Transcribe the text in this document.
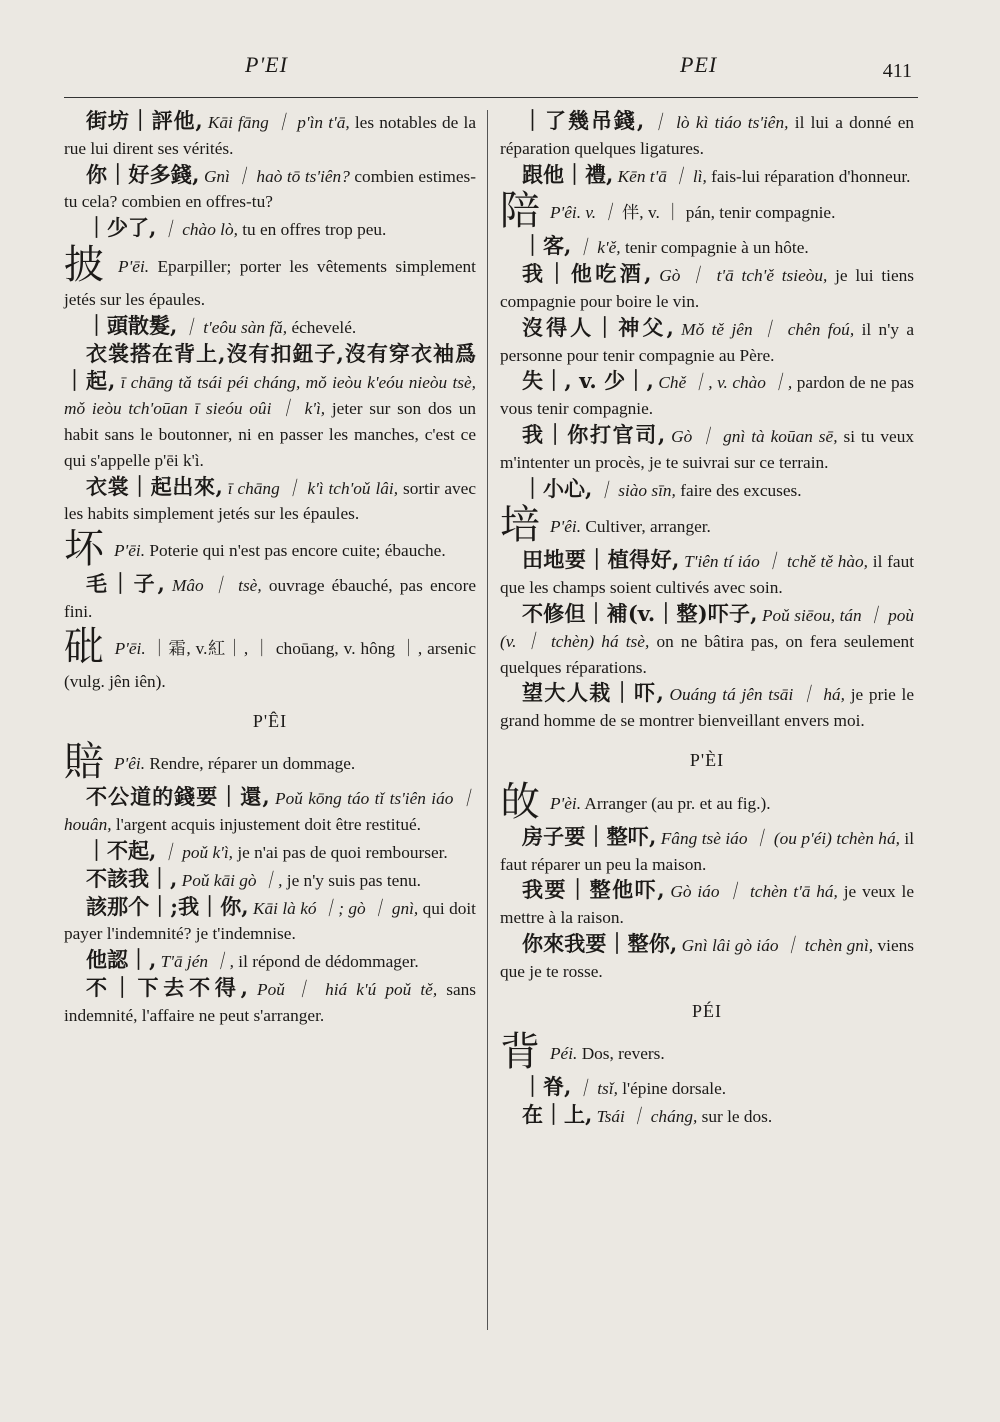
P'EI	PEI	411
街坊｜評他, Kāi fāng ｜ p'ìn t'ā, les notables de la rue lui dirent ses vérités.
你｜好多錢, Gnì ｜ haò tō ts'iên? combien estimes-tu cela? combien en offres-tu?
｜少了, ｜ chào lò, tu en offres trop peu.
披 P'ēi. Eparpiller; porter les vêtements simplement jetés sur les épaules.
｜頭散髮, ｜ t'eôu sàn fǎ, échevelé.
衣裳搭在背上,沒有扣鈕子,沒有穿衣袖爲｜起, ī chāng tǎ tsái péi cháng, mǒ ieòu k'eóu nieòu tsè, mǒ ieòu tch'oūan ī sieóu oûi ｜ k'ì, jeter sur son dos un habit sans le boutonner, ni en passer les manches, c'est ce qui s'appelle p'ēi k'ì.
衣裳｜起出來, ī chāng ｜ k'ì tch'oǔ lâi, sortir avec les habits simplement jetés sur les épaules.
坏 P'ēi. Poterie qui n'est pas encore cuite; ébauche.
毛｜子, Mâo ｜ tsè, ouvrage ébauché, pas encore fini.
砒 P'ēi. ｜霜, v.紅｜, ｜ choūang, v. hông ｜, arsenic (vulg. jên iên).
P'ÊI
賠 P'êi. Rendre, réparer un dommage.
不公道的錢要｜還, Poǔ kōng táo tǐ ts'iên iáo ｜ houân, l'argent acquis injustement doit être restitué.
｜不起, ｜ poǔ k'ì, je n'ai pas de quoi rembourser.
不該我｜, Poǔ kāi gò ｜, je n'y suis pas tenu.
該那个｜;我｜你, Kāi là kó ｜; gò ｜ gnì, qui doit payer l'indemnité? je t'indemnise.
他認｜, T'ā jén ｜, il répond de dédommager.
不｜下去不得, Poǔ ｜ hiá k'ú poǔ tě, sans indemnité, l'affaire ne peut s'arranger.
｜了幾吊錢, ｜ lò kì tiáo ts'iên, il lui a donné en réparation quelques ligatures.
跟他｜禮, Kēn t'ā ｜ lì, fais-lui réparation d'honneur.
陪 P'êi. v. ｜ 伴, v. ｜ pán, tenir compagnie.
｜客, ｜ k'ě, tenir compagnie à un hôte.
我｜他吃酒, Gò ｜ t'ā tch'ě tsieòu, je lui tiens compagnie pour boire le vin.
沒得人｜神父, Mǒ tě jên ｜ chên foú, il n'y a personne pour tenir compagnie au Père.
失｜, v. 少｜, Chě ｜, v. chào ｜, pardon de ne pas vous tenir compagnie.
我｜你打官司, Gò ｜ gnì tà koūan sē, si tu veux m'intenter un procès, je te suivrai sur ce terrain.
｜小心, ｜ siào sīn, faire des excuses.
培 P'êi. Cultiver, arranger.
田地要｜植得好, T'iên tí iáo ｜ tchě tě hào, il faut que les champs soient cultivés avec soin.
不修但｜補(v.｜整)吓子, Poǔ siēou, tán ｜ poù (v. ｜ tchèn) há tsè, on ne bâtira pas, on fera seulement quelques réparations.
望大人栽｜吓, Ouáng tá jên tsāi ｜ há, je prie le grand homme de se montrer bienveillant envers moi.
P'ÈI
敀 P'èi. Arranger (au pr. et au fig.).
房子要｜整吓, Fâng tsè iáo ｜ (ou p'éi) tchèn há, il faut réparer un peu la maison.
我要｜整他吓, Gò iáo ｜ tchèn t'ā há, je veux le mettre à la raison.
你來我要｜整你, Gnì lâi gò iáo ｜ tchèn gnì, viens que je te rosse.
PÉI
背 Péi. Dos, revers.
｜脊, ｜ tsǐ, l'épine dorsale.
在｜上, Tsái ｜ cháng, sur le dos.
